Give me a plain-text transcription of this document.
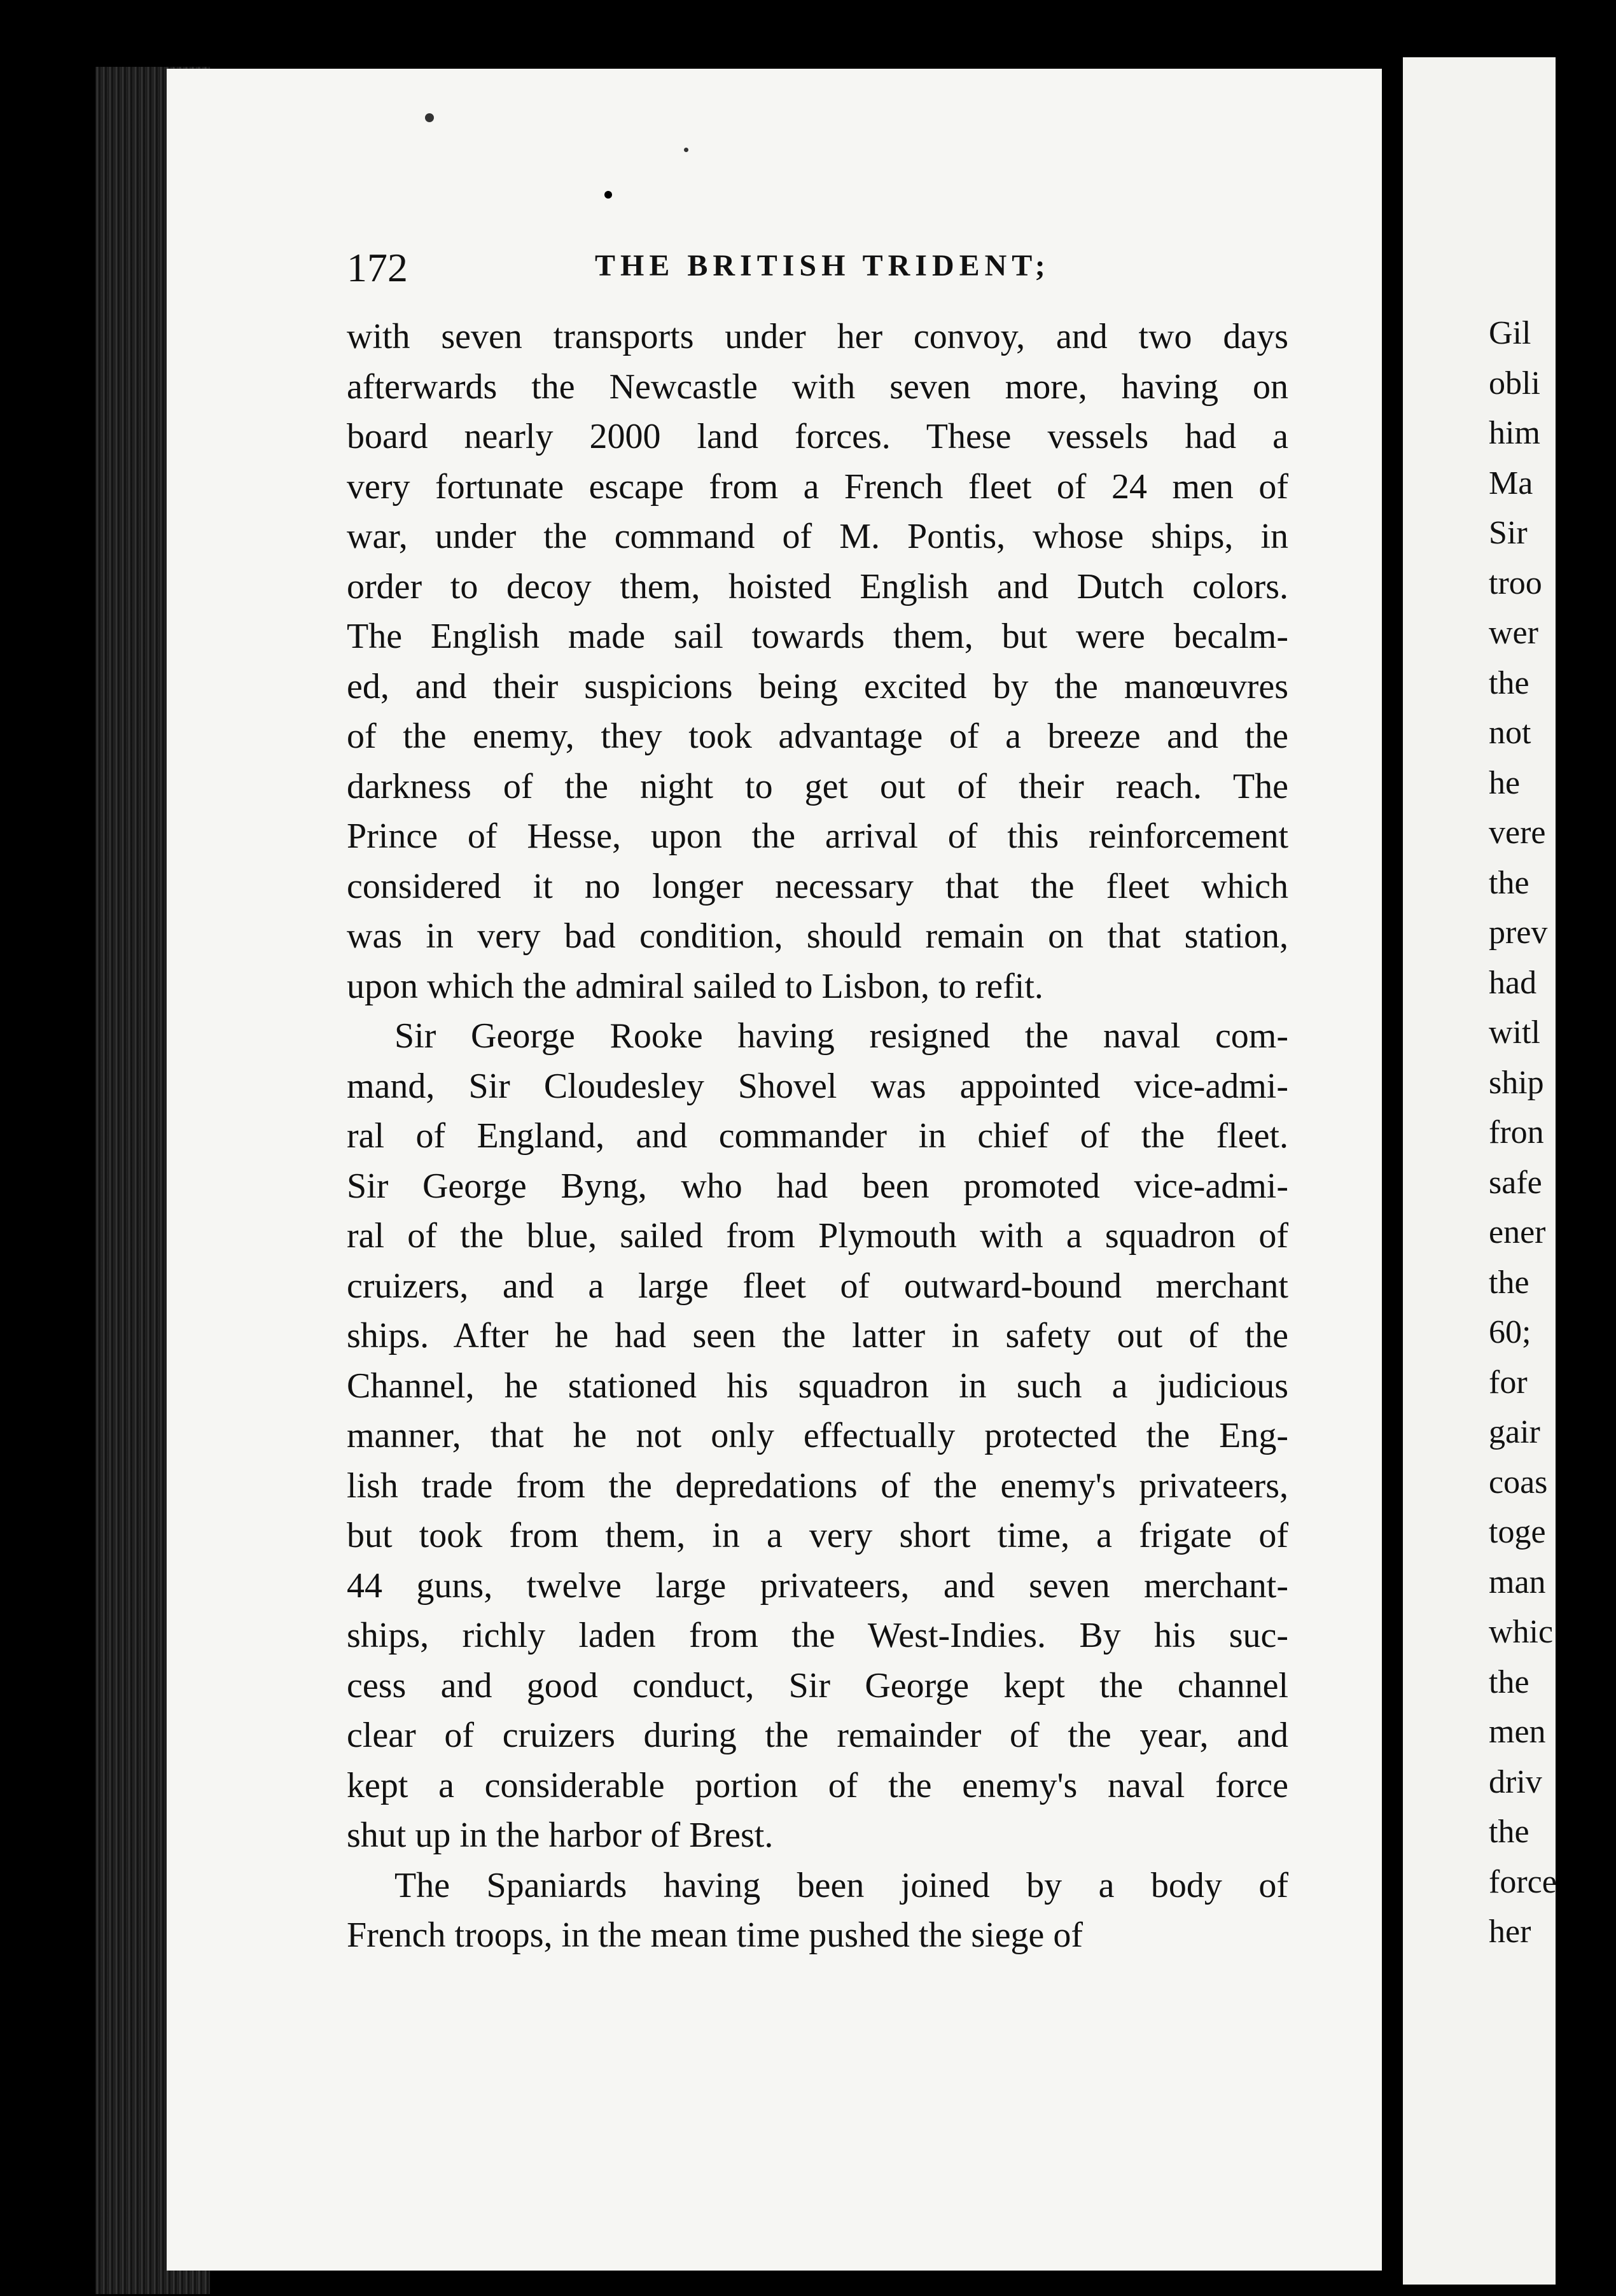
172	THE BRITISH TRIDENT;
with seven transports under her convoy, and two days
afterwards the Newcastle with seven more, having on
board nearly 2000 land forces. These vessels had a
very fortunate escape from a French fleet of 24 men of
war, under the command of M. Pontis, whose ships, in
order to decoy them, hoisted English and Dutch colors.
The English made sail towards them, but were becalm-
ed, and their suspicions being excited by the manœuvres
of the enemy, they took advantage of a breeze and the
darkness of the night to get out of their reach. The
Prince of Hesse, upon the arrival of this reinforcement
considered it no longer necessary that the fleet which
was in very bad condition, should remain on that station,
upon which the admiral sailed to Lisbon, to refit.
Sir George Rooke having resigned the naval com-
mand, Sir Cloudesley Shovel was appointed vice-admi-
ral of England, and commander in chief of the fleet.
Sir George Byng, who had been promoted vice-admi-
ral of the blue, sailed from Plymouth with a squadron of
cruizers, and a large fleet of outward-bound merchant
ships. After he had seen the latter in safety out of the
Channel, he stationed his squadron in such a judicious
manner, that he not only effectually protected the Eng-
lish trade from the depredations of the enemy's privateers,
but took from them, in a very short time, a frigate of
44 guns, twelve large privateers, and seven merchant-
ships, richly laden from the West-Indies. By his suc-
cess and good conduct, Sir George kept the channel
clear of cruizers during the remainder of the year, and
kept a considerable portion of the enemy's naval force
shut up in the harbor of Brest.
The Spaniards having been joined by a body of
French troops, in the mean time pushed the siege of
Gil
obli
him
Ma
Sir
troo
wer
the
not
he
vere
the
prev
had
witl
ship
fron
safe
ener
the
60;
for
gair
coas
toge
man
whic
the
men
driv
the
force
her
